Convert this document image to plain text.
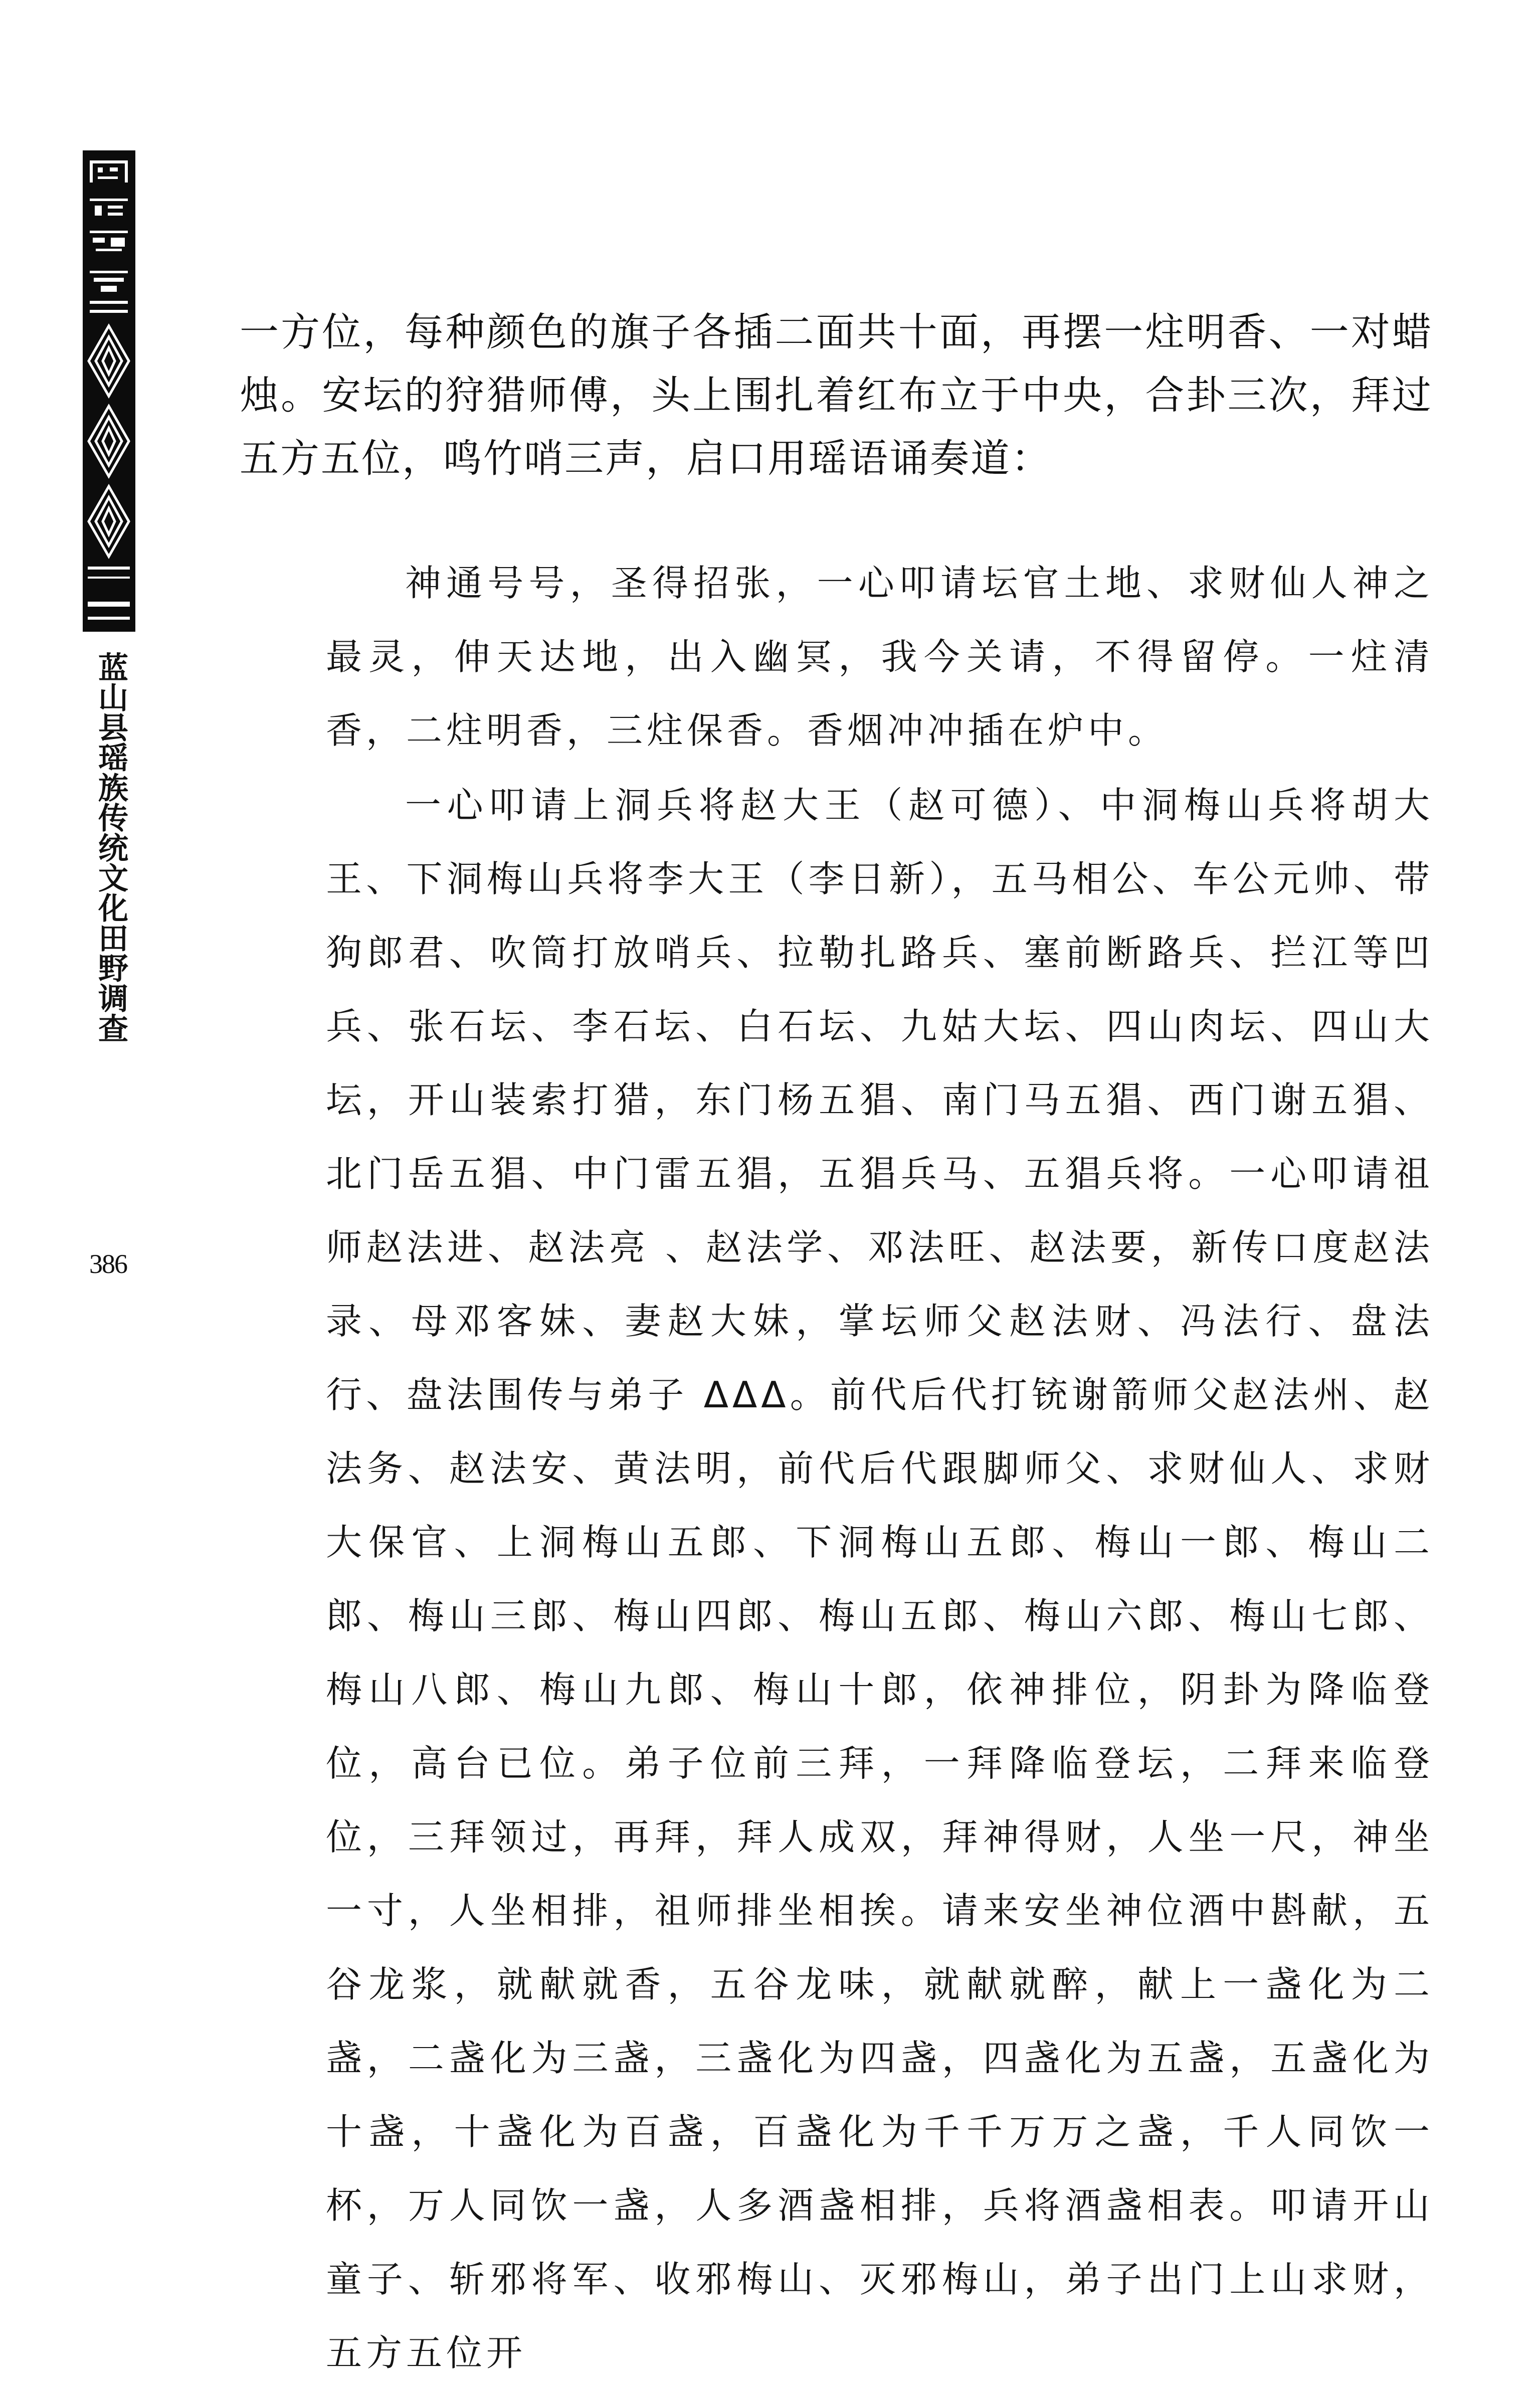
蓝山县瑶族传统文化田野调查
386

一方位，每种颜色的旗子各插二面共十面，再摆一炷明香、一对蜡烛。安坛的狩猎师傅，头上围扎着红布立于中央，合卦三次，拜过五方五位，鸣竹哨三声，启口用瑶语诵奏道：

神通号号，圣得招张，一心叩请坛官土地、求财仙人神之最灵，伸天达地，出入幽冥，我今关请，不得留停。一炷清香，二炷明香，三炷保香。香烟冲冲插在炉中。

一心叩请上洞兵将赵大王（赵可德）、中洞梅山兵将胡大王、下洞梅山兵将李大王（李日新），五马相公、车公元帅、带狗郎君、吹筒打放哨兵、拉勒扎路兵、塞前断路兵、拦江等凹兵、张石坛、李石坛、白石坛、九姑大坛、四山肉坛、四山大坛，开山装索打猎，东门杨五猖、南门马五猖、西门谢五猖、北门岳五猖、中门雷五猖，五猖兵马、五猖兵将。一心叩请祖师赵法进、赵法亮 、赵法学、邓法旺、赵法要，新传口度赵法录、母邓客妹、妻赵大妹，掌坛师父赵法财、冯法行、盘法行、盘法围传与弟子 ΔΔΔ。前代后代打铳谢箭师父赵法州、赵法务、赵法安、黄法明，前代后代跟脚师父、求财仙人、求财大保官、上洞梅山五郎、下洞梅山五郎、梅山一郎、梅山二郎、梅山三郎、梅山四郎、梅山五郎、梅山六郎、梅山七郎、梅山八郎、梅山九郎、梅山十郎，依神排位，阴卦为降临登位，高台已位。弟子位前三拜，一拜降临登坛，二拜来临登位，三拜领过，再拜，拜人成双，拜神得财，人坐一尺，神坐一寸，人坐相排，祖师排坐相挨。请来安坐神位酒中斟献，五谷龙浆，就献就香，五谷龙味，就献就醉，献上一盏化为二盏，二盏化为三盏，三盏化为四盏，四盏化为五盏，五盏化为十盏，十盏化为百盏，百盏化为千千万万之盏，千人同饮一杯，万人同饮一盏，人多酒盏相排，兵将酒盏相表。叩请开山童子、斩邪将军、收邪梅山、灭邪梅山，弟子出门上山求财，五方五位开
